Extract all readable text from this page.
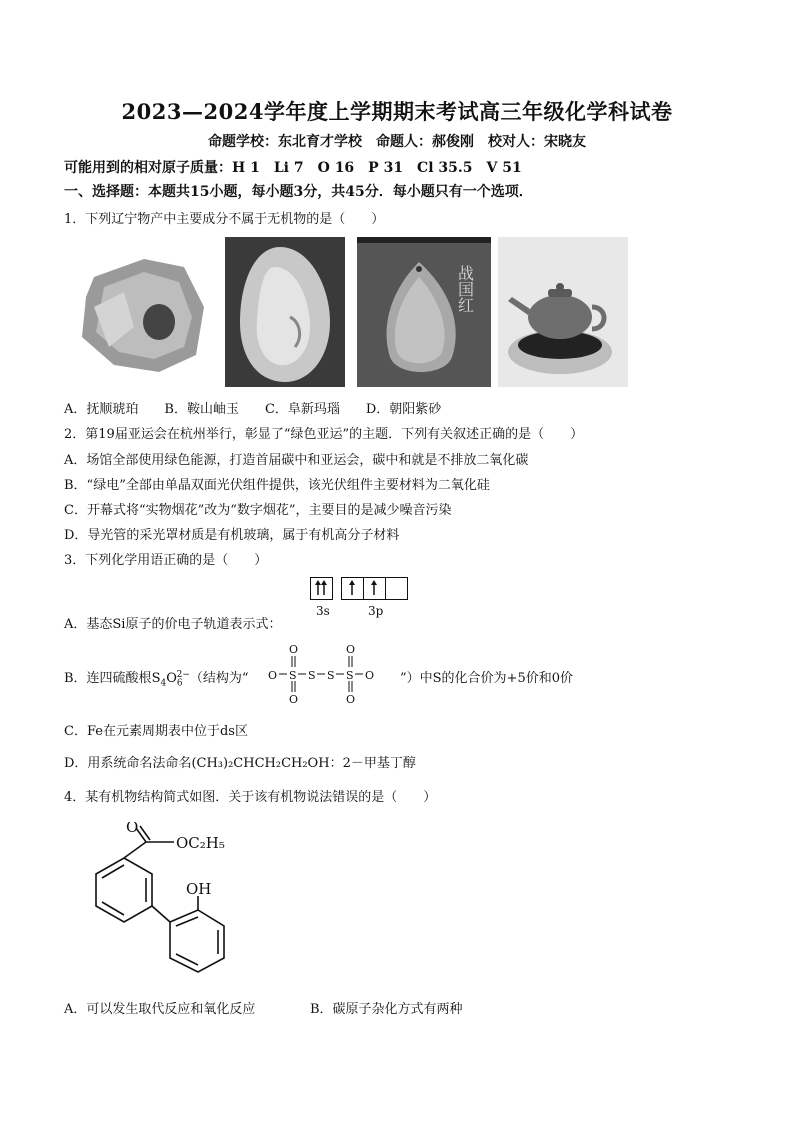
2023—2024学年度上学期期末考试高三年级化学科试卷
命题学校：东北育才学校　命题人：郝俊刚　校对人：宋晓友
可能用到的相对原子质量：H 1　Li 7　O 16　P 31　Cl 35.5　V 51
一、选择题：本题共15小题，每小题3分，共45分．每小题只有一个选项．
1．下列辽宁物产中主要成分不属于无机物的是（　　）
战国红
A．抚顺琥珀　　B．鞍山岫玉　　C．阜新玛瑙　　D．朝阳紫砂
2．第19届亚运会在杭州举行，彰显了“绿色亚运”的主题．下列有关叙述正确的是（　　）
A．场馆全部使用绿色能源，打造首届碳中和亚运会，碳中和就是不排放二氧化碳
B．“绿电”全部由单晶双面光伏组件提供，该光伏组件主要材料为二氧化硅
C．开幕式将“实物烟花”改为“数字烟花”，主要目的是减少噪音污染
D．导光管的采光罩材质是有机玻璃，属于有机高分子材料
3．下列化学用语正确的是（　　）
3s	3p
A．基态Si原子的价电子轨道表示式：
B．连四硫酸根$S_4O_6^{2-}$（结构为“ O S S S S O
O
O
O
O
”）中S的化合价为+5价和0价
C．Fe在元素周期表中位于ds区
D．用系统命名法命名(CH₃)₂CHCH₂CH₂OH：2－甲基丁醇
4．某有机物结构简式如图．关于该有机物说法错误的是（　　）
O
OC₂H₅
OH
A．可以发生取代反应和氧化反应	B．碳原子杂化方式有两种
